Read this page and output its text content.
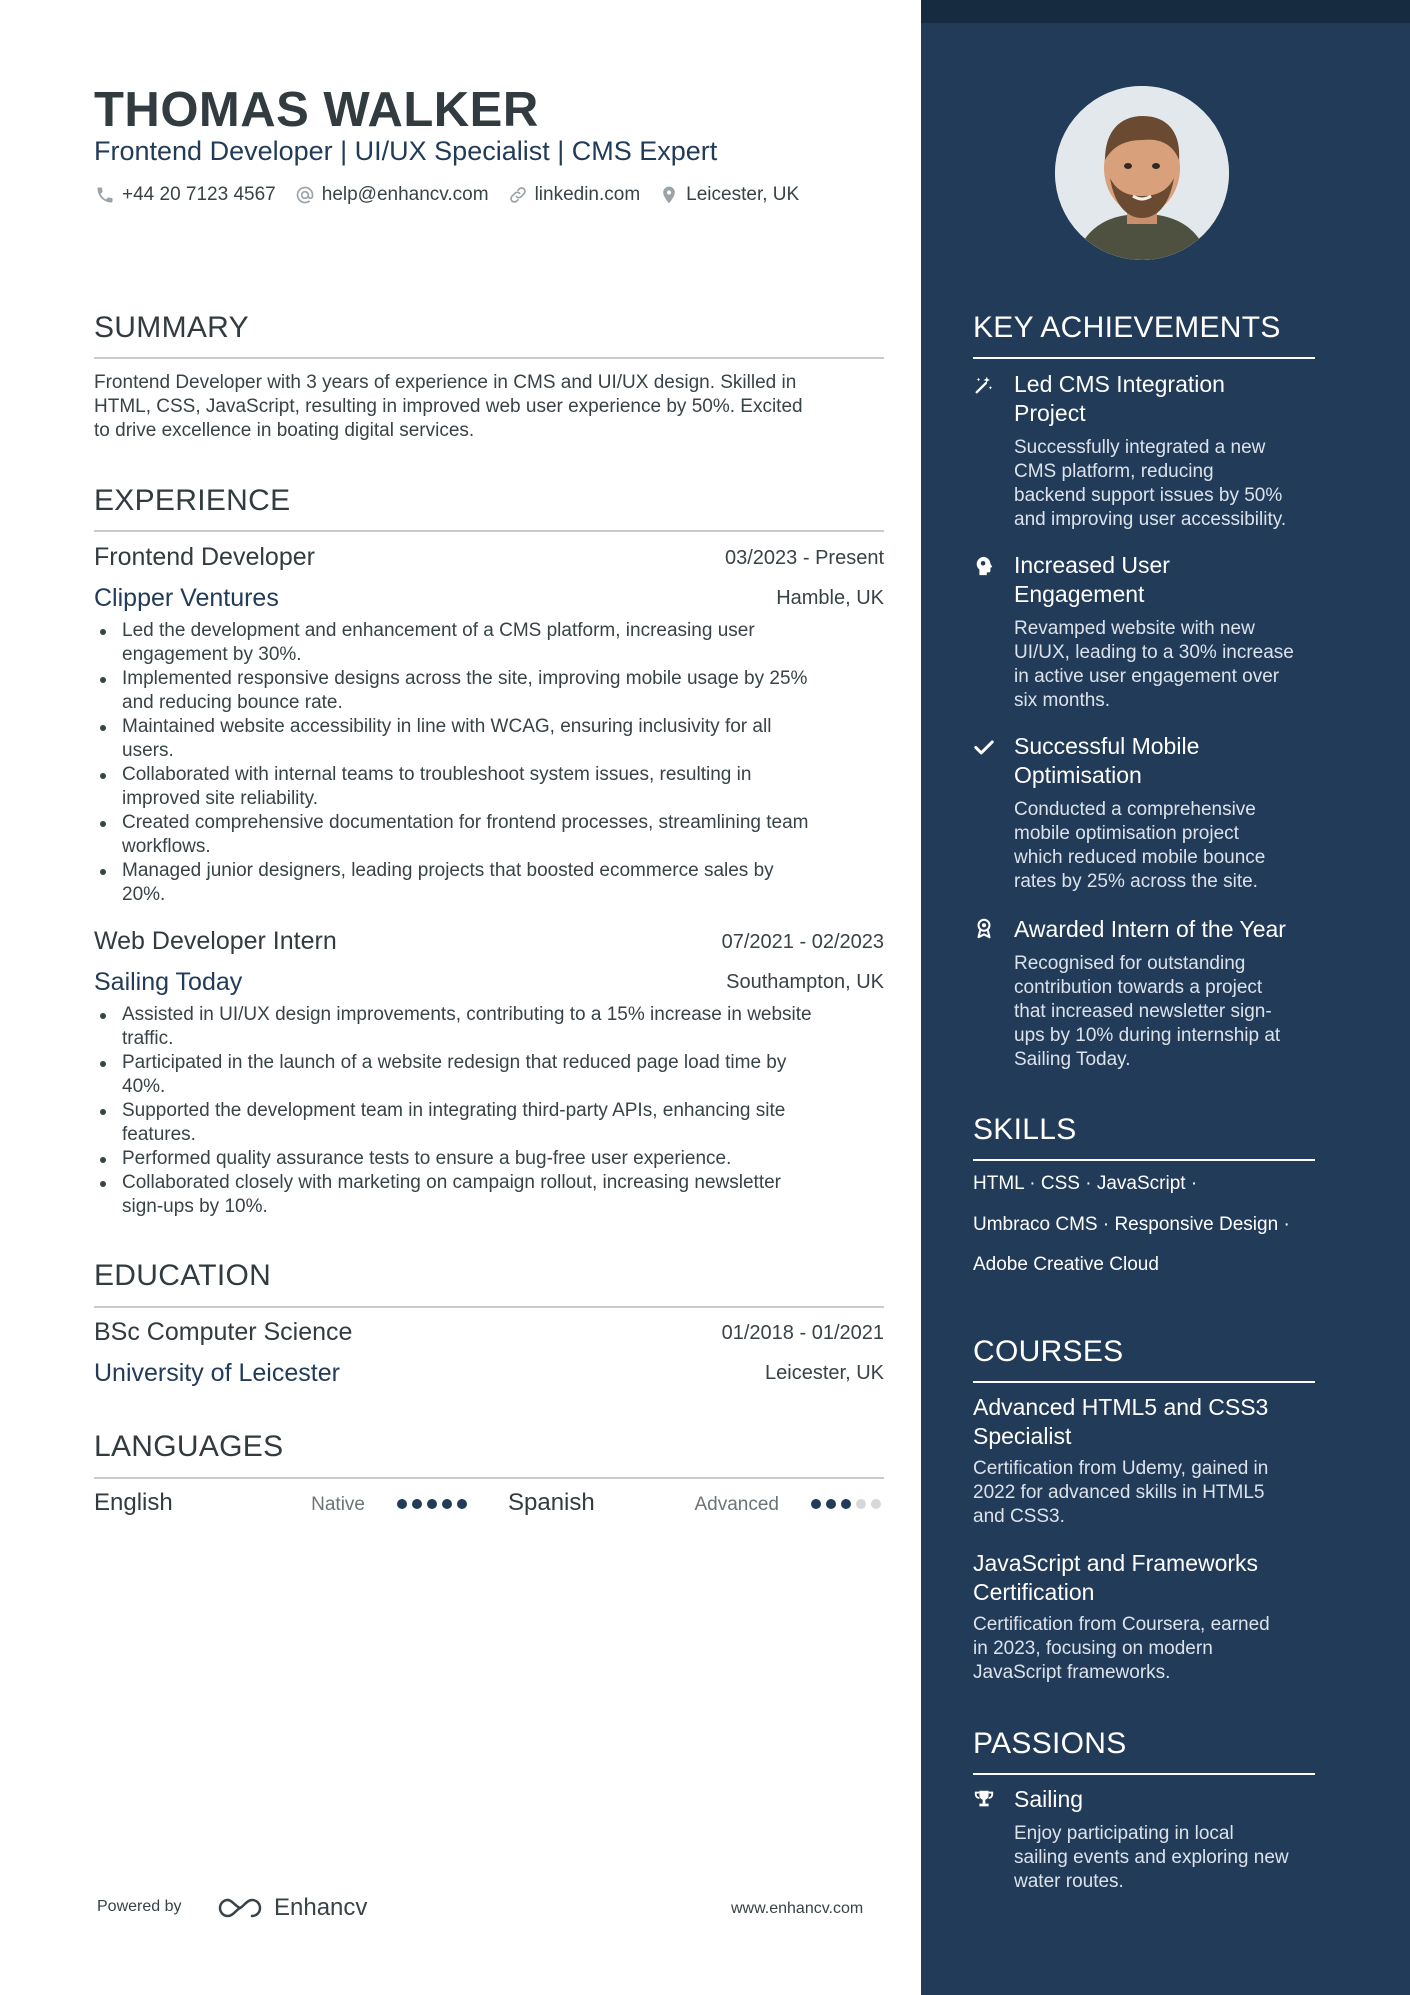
THOMAS WALKER
Frontend Developer | UI/UX Specialist | CMS Expert
+44 20 7123 4567 help@enhancv.com linkedin.com Leicester, UK
SUMMARY
Frontend Developer with 3 years of experience in CMS and UI/UX design. Skilled in
HTML, CSS, JavaScript, resulting in improved web user experience by 50%. Excited
to drive excellence in boating digital services.
EXPERIENCE
Frontend Developer	03/2023 - Present
Clipper Ventures	Hamble, UK
Led the development and enhancement of a CMS platform, increasing user
engagement by 30%.
Implemented responsive designs across the site, improving mobile usage by 25%
and reducing bounce rate.
Maintained website accessibility in line with WCAG, ensuring inclusivity for all
users.
Collaborated with internal teams to troubleshoot system issues, resulting in
improved site reliability.
Created comprehensive documentation for frontend processes, streamlining team
workflows.
Managed junior designers, leading projects that boosted ecommerce sales by
20%.
Web Developer Intern	07/2021 - 02/2023
Sailing Today	Southampton, UK
Assisted in UI/UX design improvements, contributing to a 15% increase in website
traffic.
Participated in the launch of a website redesign that reduced page load time by
40%.
Supported the development team in integrating third-party APIs, enhancing site
features.
Performed quality assurance tests to ensure a bug-free user experience.
Collaborated closely with marketing on campaign rollout, increasing newsletter
sign-ups by 10%.
EDUCATION
BSc Computer Science	01/2018 - 01/2021
University of Leicester	Leicester, UK
LANGUAGES
English	Native	Spanish	Advanced
Powered by	Enhancv	www.enhancv.com
KEY ACHIEVEMENTS
Led CMS Integration
Project
Successfully integrated a new
CMS platform, reducing
backend support issues by 50%
and improving user accessibility.
Increased User
Engagement
Revamped website with new
UI/UX, leading to a 30% increase
in active user engagement over
six months.
Successful Mobile
Optimisation
Conducted a comprehensive
mobile optimisation project
which reduced mobile bounce
rates by 25% across the site.
Awarded Intern of the Year
Recognised for outstanding
contribution towards a project
that increased newsletter sign-
ups by 10% during internship at
Sailing Today.
SKILLS
HTML · CSS · JavaScript ·
Umbraco CMS · Responsive Design ·
Adobe Creative Cloud
COURSES
Advanced HTML5 and CSS3
Specialist
Certification from Udemy, gained in
2022 for advanced skills in HTML5
and CSS3.
JavaScript and Frameworks
Certification
Certification from Coursera, earned
in 2023, focusing on modern
JavaScript frameworks.
PASSIONS
Sailing
Enjoy participating in local
sailing events and exploring new
water routes.
